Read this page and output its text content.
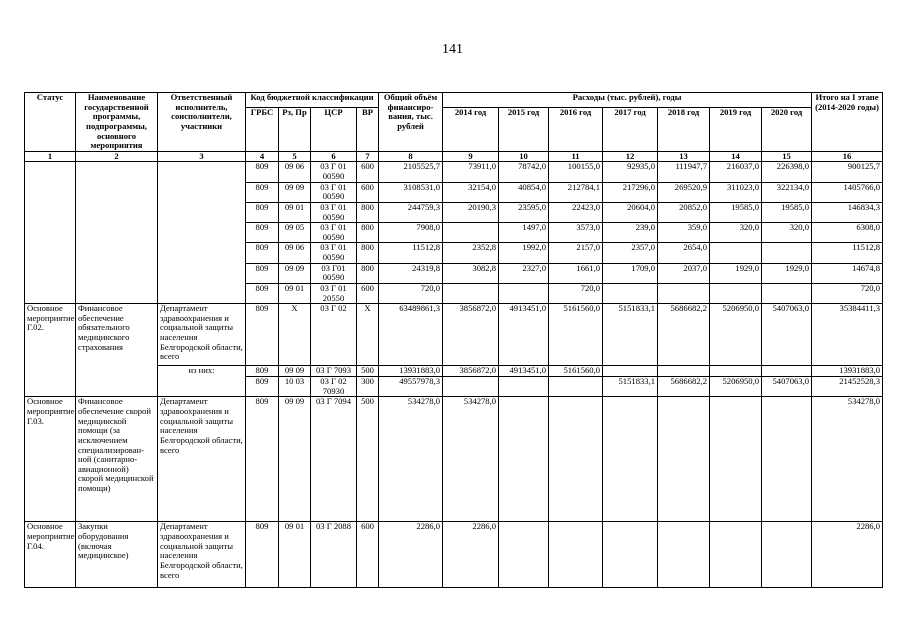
141
Статус	Наименование государственной программы, подпрограммы, основного мероприятия	Ответственный исполнитель, соисполнители, участники	Код бюджетной классификации				Общий объём финансиро-вания, тыс. рублей	Расходы (тыс. рублей), годы							Итого на I этапе (2014-2020 годы)
			ГРБС	Рз, Пр	ЦСР	ВР		2014 год	2015 год	2016 год	2017 год	2018 год	2019 год	2020 год	
1	2	3	4	5	6	7	8	9	10	11	12	13	14	15	16
			809	09 06	03 Г 01 00590	600	2105525,7	73911,0	78742,0	100155,0	92935,0	111947,7	216037,0	226398,0	900125,7
			809	09 09	03 Г 01 00590	600	3108531,0	32154,0	40854,0	212784,1	217296,0	269520,9	311023,0	322134,0	1405766,0
			809	09 01	03 Г 01 00590	800	244759,3	20190,3	23595,0	22423,0	20604,0	20852,0	19585,0	19585,0	146834,3
			809	09 05	03 Г 01 00590	800	7908,0		1497,0	3573,0	239,0	359,0	320,0	320,0	6308,0
			809	09 06	03 Г 01 00590	800	11512,8	2352,8	1992,0	2157,0	2357,0	2654,0			11512,8
			809	09 09	03 Г01 00590	800	24319,8	3082,8	2327,0	1661,0	1709,0	2037,0	1929,0	1929,0	14674,8
			809	09 01	03 Г 01 20550	600	720,0			720,0					720,0
Основное мероприятие Г.02.	Финансовое обеспечение обязательного медицинского страхования	Департамент здравоохранения и социальной защиты населения Белгородской области, всего	809	Х	03 Г 02	Х	63489861,3	3856872,0	4913451,0	5161560,0	5151833,1	5686682,2	5206950,0	5407063,0	35384411,3
		из них:	809	09 09	03 Г 7093	500	13931883,0	3856872,0	4913451,0	5161560,0					13931883,0
			809	10 03	03 Г 02 70930	300	49557978,3				5151833,1	5686682,2	5206950,0	5407063,0	21452528,3
Основное мероприятие Г.03.	Финансовое обеспечение скорой медицинской помощи (за исключением специализирован-ной (санитарно-авиационной) скорой медицинской помощи)	Департамент здравоохранения и социальной защиты населения Белгородской области, всего	809	09 09	03 Г 7094	500	534278,0	534278,0							534278,0
Основное мероприятие Г.04.	Закупки оборудования (включая медицинское)	Департамент здравоохранения и социальной защиты населения Белгородской области, всего	809	09 01	03 Г 2088	600	2286,0	2286,0							2286,0
